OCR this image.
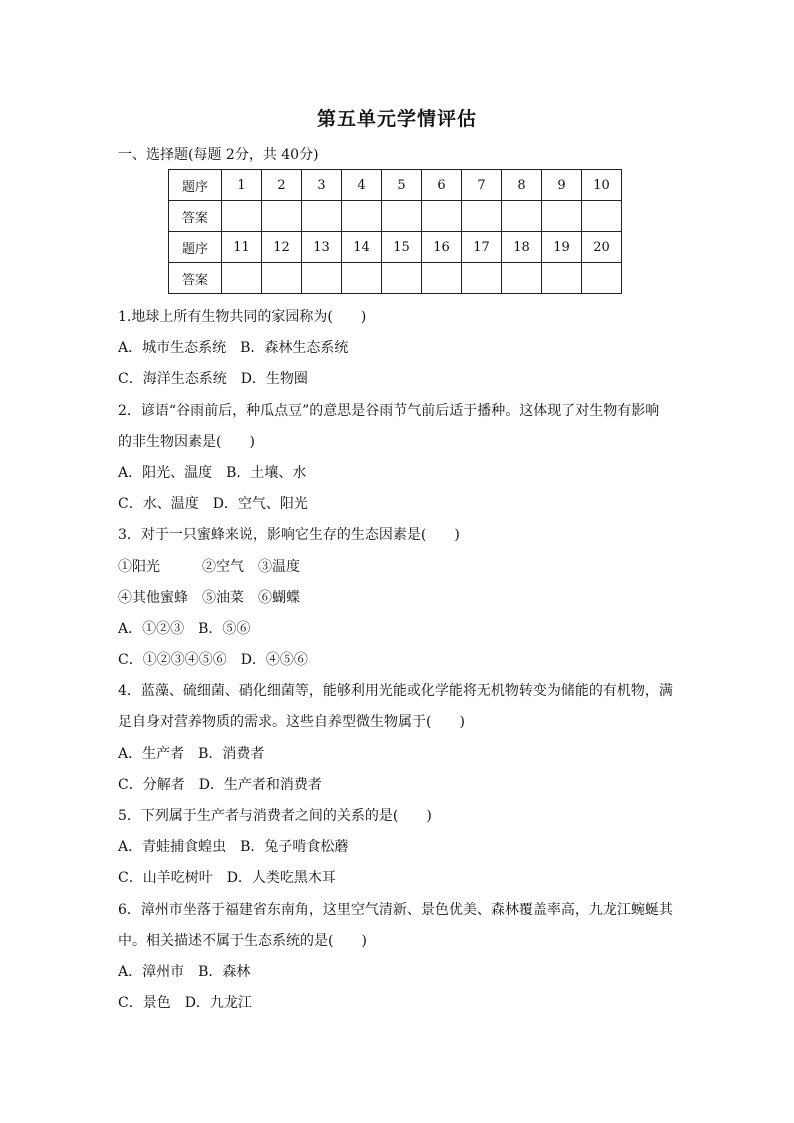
第五单元学情评估
一、选择题(每题 2分，共 40分)
题序	1	2	3	4	5	6	7	8	9	10
答案										
题序	11	12	13	14	15	16	17	18	19	20
答案										
1.地球上所有生物共同的家园称为(　　)
A．城市生态系统　B．森林生态系统
C．海洋生态系统　D．生物圈
2．谚语“谷雨前后，种瓜点豆”的意思是谷雨节气前后适于播种。这体现了对生物有影响
的非生物因素是(　　)
A．阳光、温度　B．土壤、水
C．水、温度　D．空气、阳光
3．对于一只蜜蜂来说，影响它生存的生态因素是(　　)
①阳光　　　②空气　③温度
④其他蜜蜂　⑤油菜　⑥蝴蝶
A．①②③　B．⑤⑥
C．①②③④⑤⑥　D．④⑤⑥
4．蓝藻、硫细菌、硝化细菌等，能够利用光能或化学能将无机物转变为储能的有机物，满
足自身对营养物质的需求。这些自养型微生物属于(　　)
A．生产者　B．消费者
C．分解者　D．生产者和消费者
5．下列属于生产者与消费者之间的关系的是(　　)
A．青蛙捕食蝗虫　B．兔子啃食松蘑
C．山羊吃树叶　D．人类吃黑木耳
6．漳州市坐落于福建省东南角，这里空气清新、景色优美、森林覆盖率高，九龙江蜿蜒其
中。相关描述不属于生态系统的是(　　)
A．漳州市　B．森林
C．景色　D．九龙江
